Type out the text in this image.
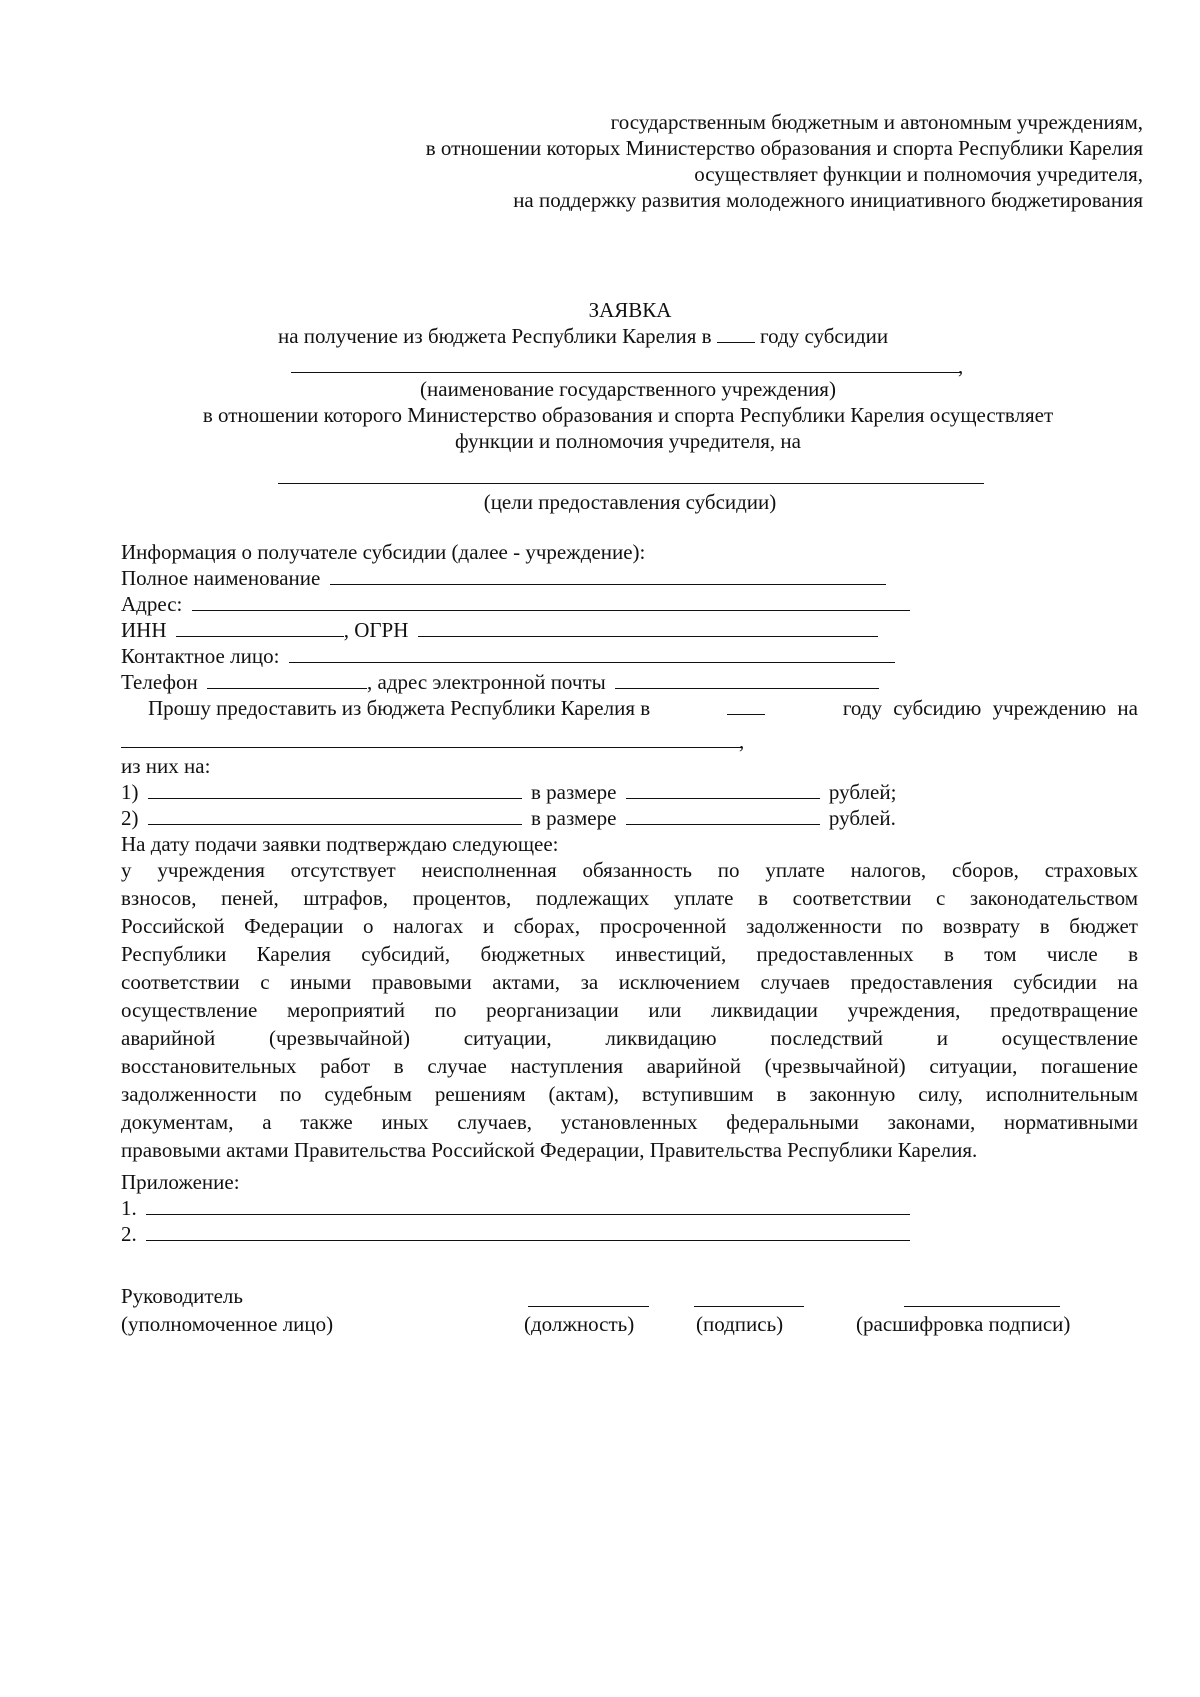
государственным бюджетным и автономным учреждениям,
в отношении которых Министерство образования и спорта Республики Карелия
осуществляет функции и полномочия учредителя,
на поддержку развития молодежного инициативного бюджетирования
ЗАЯВКА
на получение из бюджета Республики Карелия в году субсидии
,
(наименование государственного учреждения)
в отношении которого Министерство образования и спорта Республики Карелия осуществляет
функции и полномочия учредителя, на
(цели предоставления субсидии)
Информация о получателе субсидии (далее - учреждение):
Полное наименование
Адрес:
ИНН	, ОГРН
Контактное лицо:
Телефон	, адрес электронной почты
Прошу предоставить из бюджета Республики Карелия в	году субсидию учреждению на
,
из них на:
1)	в размере	рублей;
2)	в размере	рублей.
На дату подачи заявки подтверждаю следующее:
у учреждения отсутствует неисполненная обязанность по уплате налогов, сборов, страховых
взносов, пеней, штрафов, процентов, подлежащих уплате в соответствии с законодательством
Российской Федерации о налогах и сборах, просроченной задолженности по возврату в бюджет
Республики Карелия субсидий, бюджетных инвестиций, предоставленных в том числе в
соответствии с иными правовыми актами, за исключением случаев предоставления субсидии на
осуществление мероприятий по реорганизации или ликвидации учреждения, предотвращение
аварийной (чрезвычайной) ситуации, ликвидацию последствий и осуществление
восстановительных работ в случае наступления аварийной (чрезвычайной) ситуации, погашение
задолженности по судебным решениям (актам), вступившим в законную силу, исполнительным
документам, а также иных случаев, установленных федеральными законами, нормативными
правовыми актами Правительства Российской Федерации, Правительства Республики Карелия.
Приложение:
1.
2.
Руководитель
(уполномоченное лицо)	(должность)	(подпись)	(расшифровка подписи)
